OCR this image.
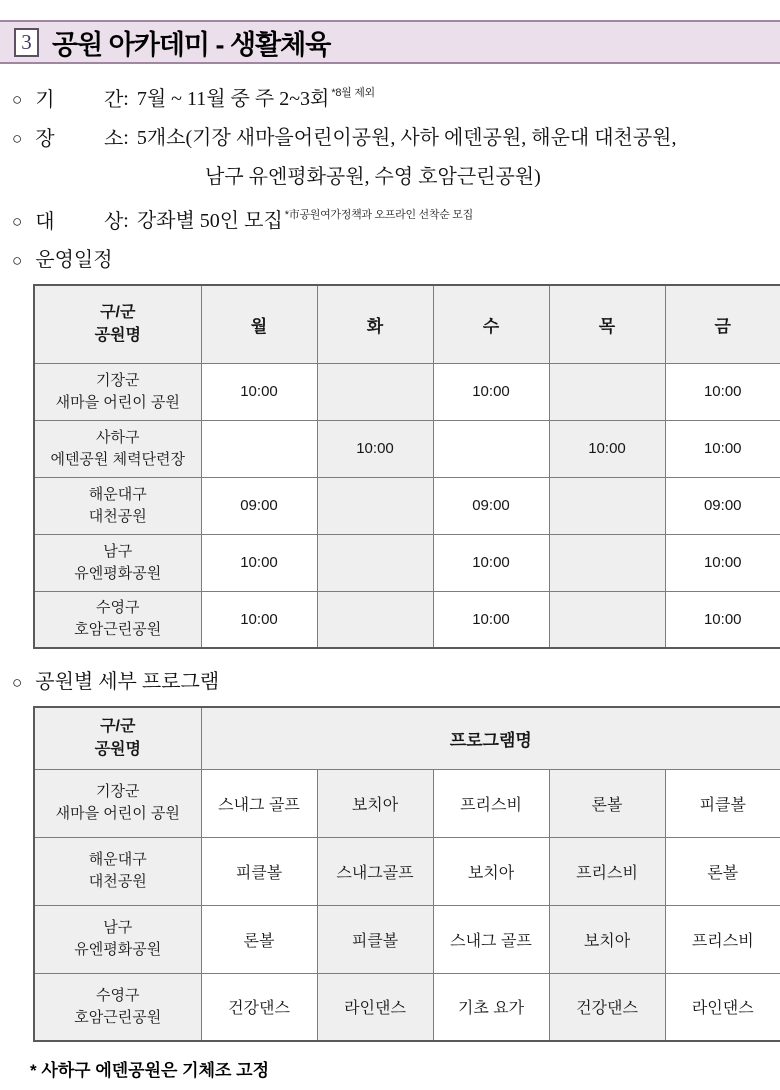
3 공원 아카데미 - 생활체육
○ 기 간 : 7월 ~ 11월 중 주 2~3회 $^{*8월 제외}$
○ 장 소 : 5개소(기장 새마을어린이공원, 사하 에덴공원, 해운대 대천공원,
남구 유엔평화공원, 수영 호암근린공원)
○ 대 상 : 강좌별 50인 모집 $^{*市공원여가정책과 오프라인 선착순 모집}$
○ 운영일정
구/군
공원명	월	화	수	목	금

기장군
새마을 어린이 공원	10:00		10:00		10:00

사하구
에덴공원 체력단련장		10:00		10:00	10:00

해운대구
대천공원	09:00		09:00		09:00

남구
유엔평화공원	10:00		10:00		10:00

수영구
호암근린공원	10:00		10:00		10:00
○ 공원별 세부 프로그램
구/군
공원명	프로그램명				

기장군
새마을 어린이 공원	스내그 골프	보치아	프리스비	론볼	피클볼

해운대구
대천공원	피클볼	스내그골프	보치아	프리스비	론볼

남구
유엔평화공원	론볼	피클볼	스내그 골프	보치아	프리스비

수영구
호암근린공원	건강댄스	라인댄스	기초 요가	건강댄스	라인댄스
* 사하구 에덴공원은 기체조 고정
